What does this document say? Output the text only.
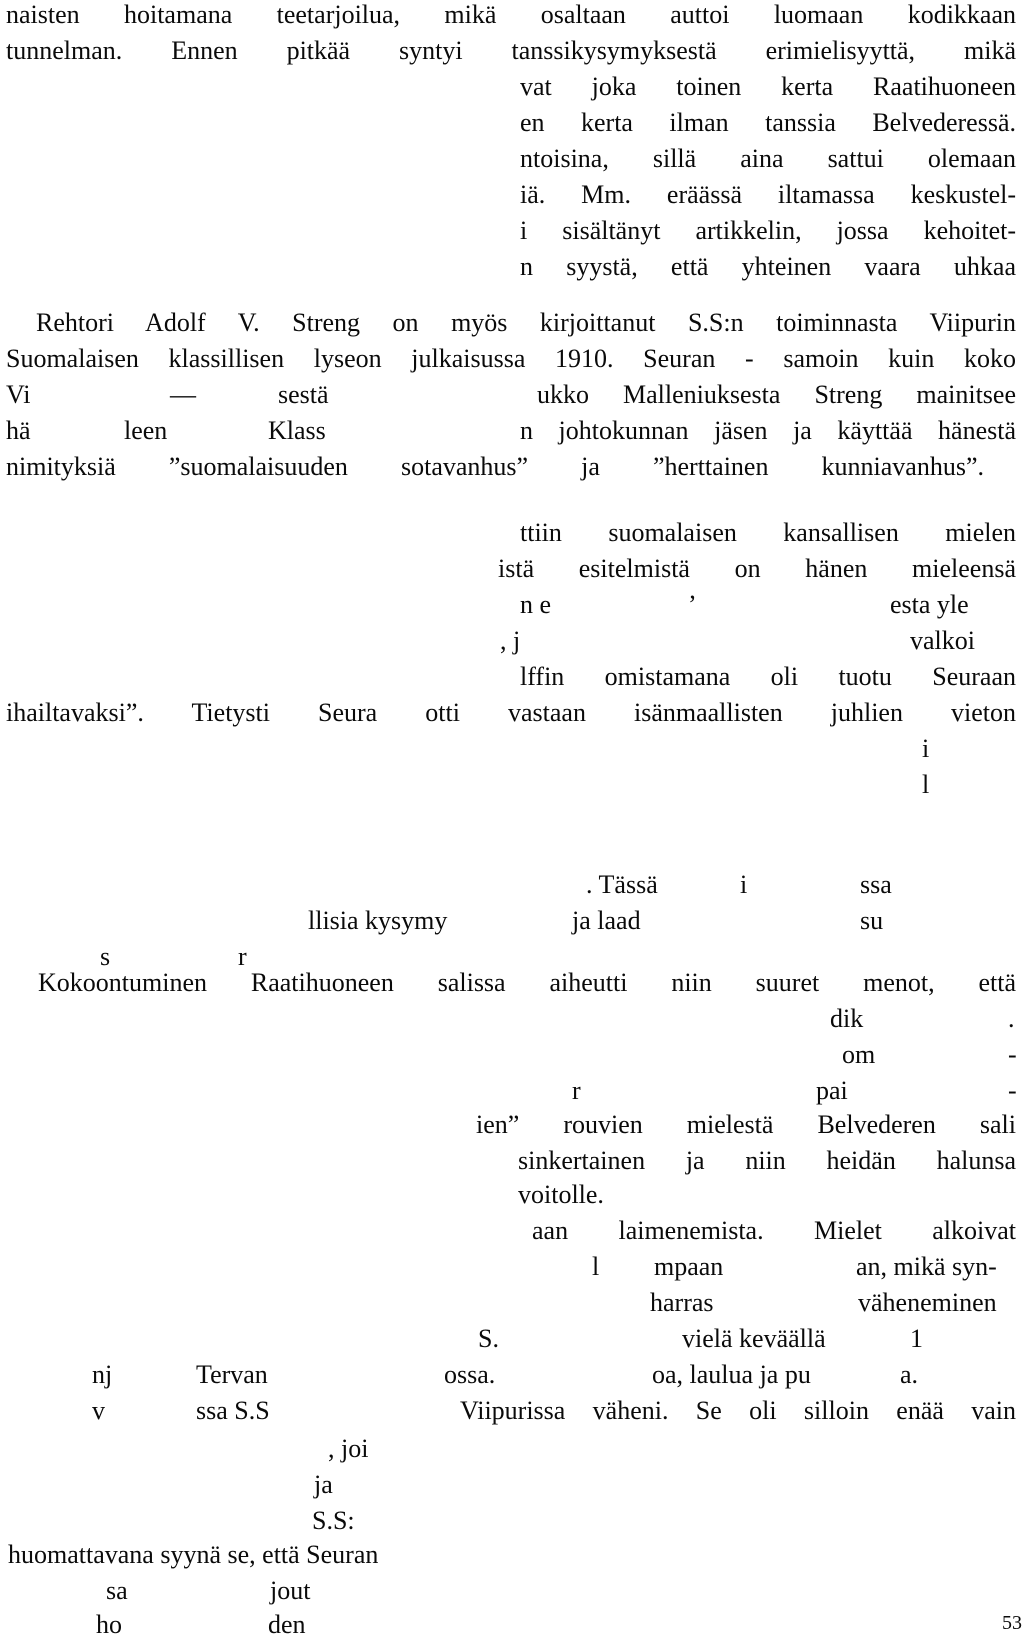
naisten hoitamana teetarjoilua, mikä osaltaan auttoi luomaan kodikkaan

tunnelman. Ennen pitkää syntyi tanssikysymyksestä erimielisyyttä, mikä

vat joka toinen kerta Raatihuoneen

en kerta ilman tanssia Belvederessä.

ntoisina, sillä aina sattui olemaan

iä. Mm. eräässä iltamassa keskustel-

i sisältänyt artikkelin, jossa kehoitet-

n syystä, että yhteinen vaara uhkaa

Rehtori Adolf V. Streng on myös kirjoittanut S.S:n toiminnasta Viipurin

Suomalaisen klassillisen lyseon julkaisussa 1910. Seuran - samoin kuin koko

Vi	—	sestä	ukko Malleniuksesta Streng mainitsee

hä	leen	Klass	n johtokunnan jäsen ja käyttää hänestä

nimityksiä ”suomalaisuuden sotavanhus” ja ”herttainen kunniavanhus”.

ttiin suomalaisen kansallisen mielen

istä esitelmistä on hänen mieleensä

n e	’	esta yle

, j	valkoi

lffin omistamana oli tuotu Seuraan

ihailtavaksi”. Tietysti Seura otti vastaan isänmaallisten juhlien vieton

i

l

. Tässä	i	ssa

llisia kysymy	ja laad	su

s	r

Kokoontuminen Raatihuoneen salissa aiheutti niin suuret menot, että

dik	.

om	-

r	pai	-

ien” rouvien mielestä Belvederen sali

sinkertainen ja niin heidän halunsa

voitolle.

aan laimenemista. Mielet alkoivat

l mpaan	an, mikä syn-

harras	väheneminen

S.	vielä keväällä	1

nj	Tervan	ossa.	oa, laulua ja pu	a.

v	ssa S.S	Viipurissa väheni. Se oli silloin enää vain

, joi

ja

S.S:

huomattavana syynä se, että Seuran

sa	jout

ho	den	53
